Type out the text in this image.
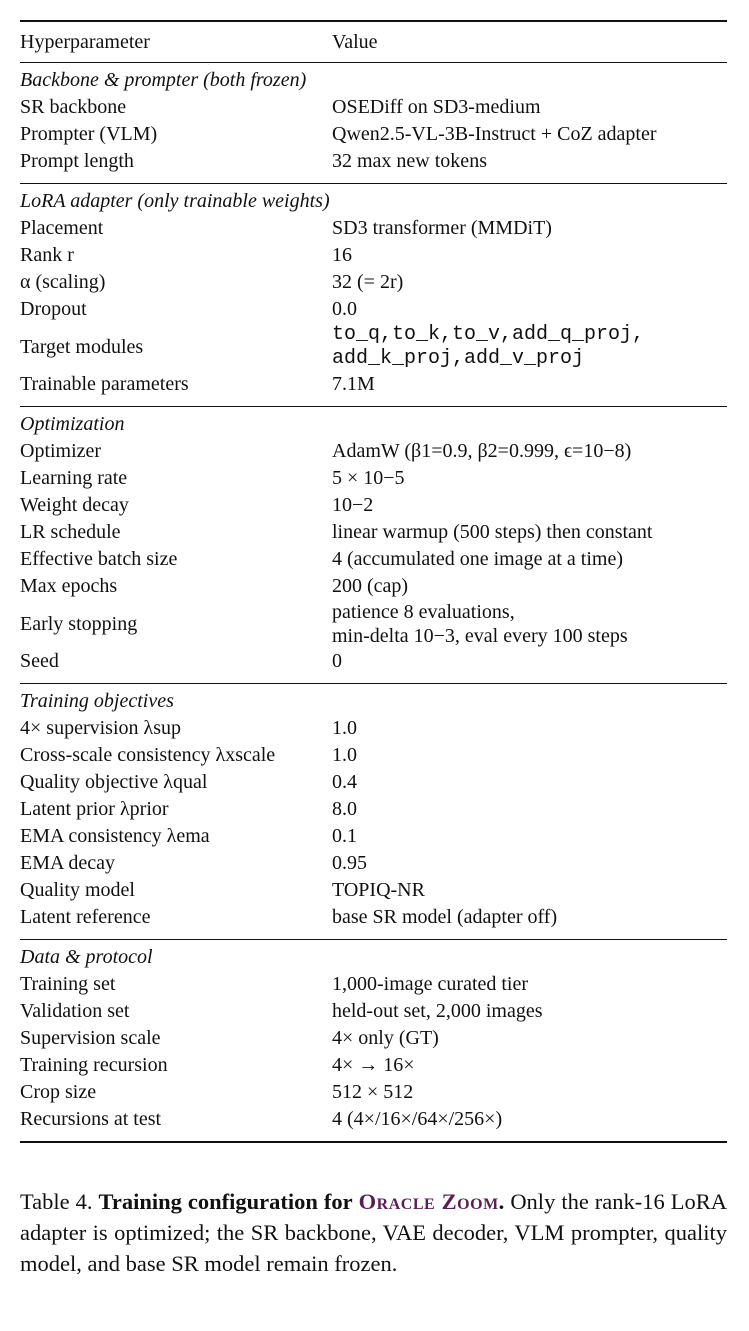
Hyperparameter	Value
Backbone & prompter (both frozen)	
SR backbone	OSEDiff on SD3-medium
Prompter (VLM)	Qwen2.5-VL-3B-Instruct + CoZ adapter
Prompt length	32 max new tokens
LoRA adapter (only trainable weights)	
Placement	SD3 transformer (MMDiT)
Rank r	16
α (scaling)	32 (= 2r)
Dropout	0.0
Target modules	to_q,to_k,to_v,add_q_proj,
add_k_proj,add_v_proj

Trainable parameters	7.1M
Optimization	
Optimizer	AdamW (β1=0.9, β2=0.999, ϵ=10−8)
Learning rate	5 × 10−5
Weight decay	10−2
LR schedule	linear warmup (500 steps) then constant
Effective batch size	4 (accumulated one image at a time)
Max epochs	200 (cap)
Early stopping	patience 8 evaluations,
min-delta 10−3, eval every 100 steps

Seed	0
Training objectives	
4× supervision λsup	1.0
Cross-scale consistency λxscale	1.0
Quality objective λqual	0.4
Latent prior λprior	8.0
EMA consistency λema	0.1
EMA decay	0.95
Quality model	TOPIQ-NR
Latent reference	base SR model (adapter off)
Data & protocol	
Training set	1,000-image curated tier
Validation set	held-out set, 2,000 images
Supervision scale	4× only (GT)
Training recursion	4× → 16×
Crop size	512 × 512
Recursions at test	4 (4×/16×/64×/256×)
Table 4. Training configuration for Oracle Zoom. Only the rank-16 LoRA adapter is optimized; the SR backbone, VAE decoder, VLM prompter, quality model, and base SR model remain frozen.
